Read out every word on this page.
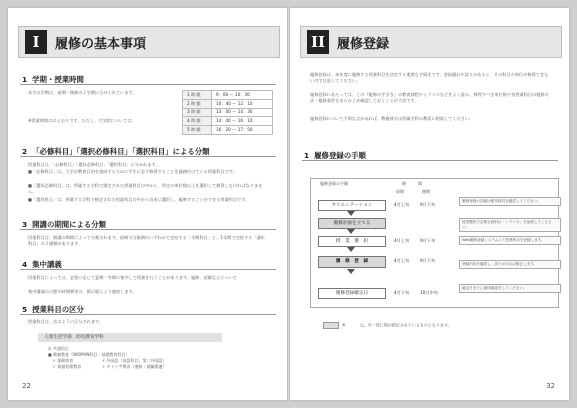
I	履修の基本事項
1 学期・授業時間
本学の学期は、前期・後期の２学期に分けられています。
※授業時間はのとおりです。ただし、大学院については、
1 時 限	9：00 〜 10：30
2 時 限	10：40 〜 12：10
3 時 限	13：00 〜 14：30
4 時 限	14：40 〜 16：10
5 時 限	16：20 〜 17：50
2 「必修科目」「選択必修科目」「選択科目」による分類
授業科目は、「必修科目」「選択必修科目」「選択科目」に分かれます。
■「必修科目」は、大学が教育目的を達成するために学生に必ず修得することを義務付けている授業科目です。
■「選択必修科目」は、所属する学科で指定された授業科目の中から、所定の単位数以上を選択して修得しなければなりません。
■「選択科目」は、所属する学科で指定された授業科目の中から自由に選択し、履修することができる授業科目です。
3 開講の期間による分類
授業科目は、開講の期間によって分類されます。前期又は後期のいずれかで完結する「半期科目」と、1年間で完結する「通年科目」の２種類があります。
4 集中講義
授業科目によっては、必要に応じて夏期・冬期に集中して授業を行うことがあります。履修、試験などについて
集中講義の日程や時間割等は、掲示板により連絡します。
5 授業科目の区分
授業科目は、次のように区分されます。
人間生活学部　幼児教育学科
① 共通科目
■ 教養教育（WOMAN科目・基礎教育科目）
　＊ 保健体育　　　　　　　＊ 外国語（英語科目、第二外国語）
　＊ 情報処理教育　　　　　＊ キャリア教育（進路・就職関連）
22
II 履修登録
履修登録は、本年度に履修する授業科目を決定する重要な手続きです。登録漏れや誤りがあると、その科目の単位が修得できないので注意してください。
履修登録にあたっては、この『履修の手引き』の教育課程やシラバスなどをよく読み、修得すべき単位数や各授業科目の履修方法・履修条件をあらかじめ確認しておくことが大切です。
履修登録について不明な点があれば、教務課又は所属学科の教員に相談してください。
1 履修登録の手順
履修登録の手順	期　　　間
前期	後期
オリエンテーション	4月上旬	9月下旬
履修計画を立てる
授　業　選　択	4月上旬	9月下旬
履　修　登　録	4月上旬	9月下旬
履修登録確定日	4月下旬	10月中旬
履修登録の詳細は配布資料を確認してください。
授業選択で必要な資料は「シラバス」を参照してください。
Web履修登録システムにて授業科目を登録します。
登録内容を確認し、誤りがあれば修正します。
確定日までに最終確認をしてください。
※ 　　　 は、年一律に期が指定されているものとなります。
32
